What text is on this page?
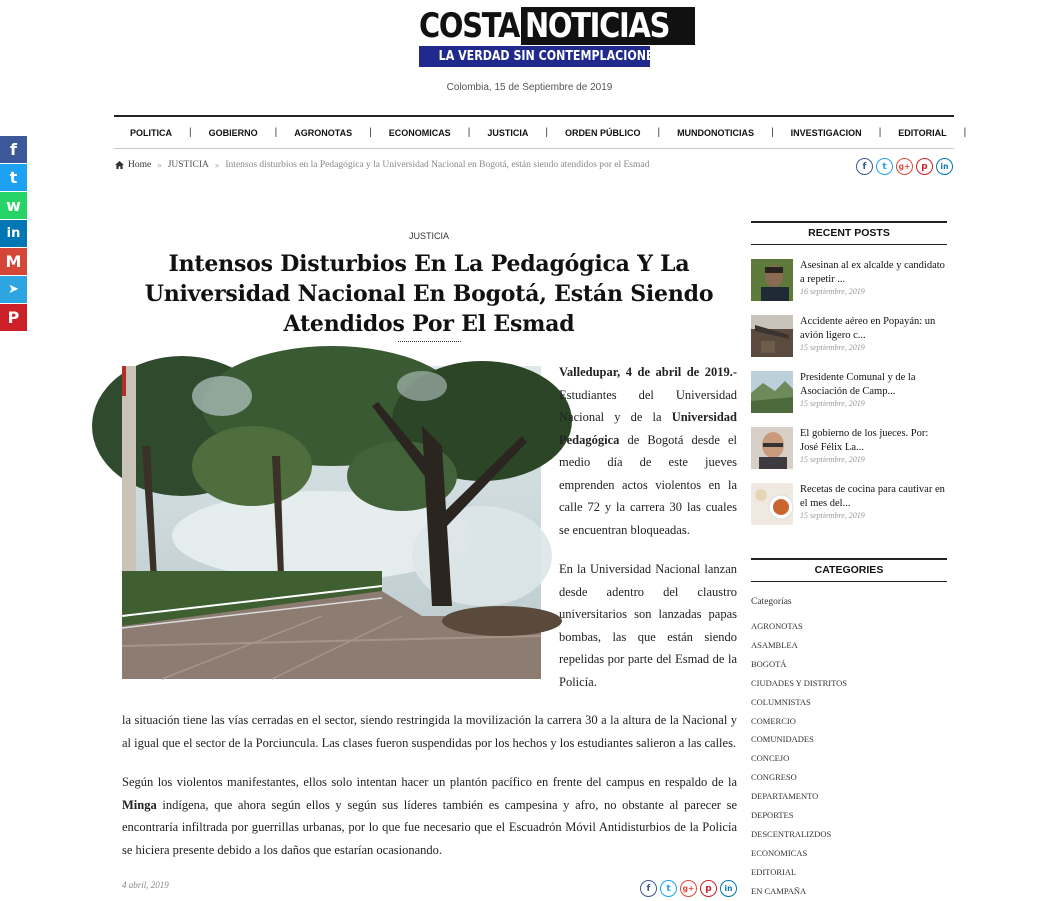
COSTA NOTICIAS
LA VERDAD SIN CONTEMPLACIONES
Colombia, 15 de Septiembre de 2019
POLITICA | GOBIERNO | AGRONOTAS | ECONOMICAS | JUSTICIA | ORDEN PÚBLICO | MUNDONOTICIAS | INVESTIGACION | EDITORIAL |
Home » JUSTICIA » Intensos disturbios en la Pedagógica y la Universidad Nacional en Bogotá, están siendo atendidos por el Esmad	f	t	g+	p	in
f
t
w
in
M
➤
P
JUSTICIA
Intensos Disturbios En La Pedagógica Y La Universidad Nacional En Bogotá, Están Siendo Atendidos Por El Esmad

Valledupar, 4 de abril de 2019.- Estudiantes del Universidad Nacional y de la Universidad Pedagógica de Bogotá desde el medio día de este jueves emprenden actos violentos en la calle 72 y la carrera 30 las cuales se encuentran bloqueadas.

En la Universidad Nacional lanzan desde adentro del claustro universitarios son lanzadas papas bombas, las que están siendo repelidas por parte del Esmad de la Policía.

la situación tiene las vías cerradas en el sector, siendo restringida la movilización la carrera 30 a la altura de la Nacional y al igual que el sector de la Porciuncula. Las clases fueron suspendidas por los hechos y los estudiantes salieron a las calles.

Según los violentos manifestantes, ellos solo intentan hacer un plantón pacífico en frente del campus en respaldo de la Minga indígena, que ahora según ellos y según sus líderes también es campesina y afro, no obstante al parecer se encontraría infiltrada por guerrillas urbanas, por lo que fue necesario que el Escuadrón Móvil Antidisturbios de la Policía se hiciera presente debido a los daños que estarían ocasionando.

4 abril, 2019	f	t	g+	p	in
RECENT POSTS
Asesinan al ex alcalde y candidato a repetir ...
16 septiembre, 2019
Accidente aéreo en Popayán: un avión ligero c...
15 septiembre, 2019
Presidente Comunal y de la Asociación de Camp...
15 septiembre, 2019
El gobierno de los jueces. Por: José Félix La...
15 septiembre, 2019
Recetas de cocina para cautivar en el mes del...
15 septiembre, 2019
CATEGORIES
Categorías
AGRONOTAS
ASAMBLEA
BOGOTÁ
CIUDADES Y DISTRITOS
COLUMNISTAS
COMERCIO
COMUNIDADES
CONCEJO
CONGRESO
DEPARTAMENTO
DEPORTES
DESCENTRALIZDOS
ECONOMICAS
EDITORIAL
EN CAMPAÑA
